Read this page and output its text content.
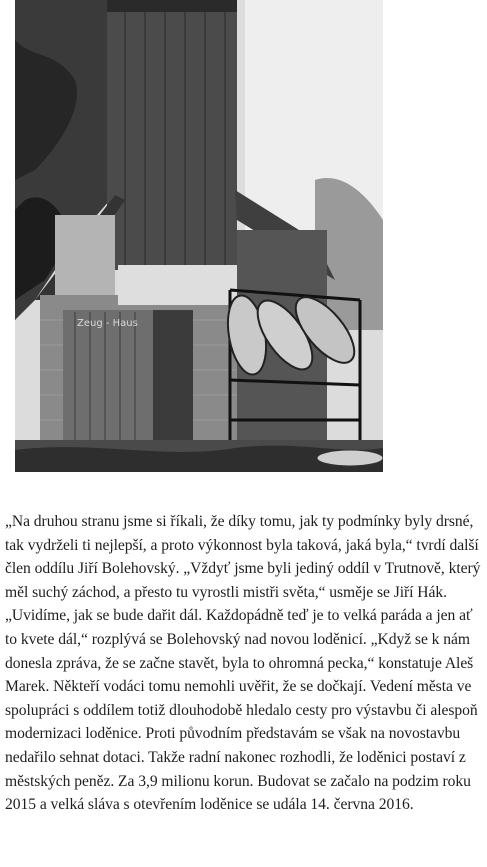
Zeug - Haus

„Na druhou stranu jsme si říkali, že díky tomu, jak ty podmínky byly drsné, tak vydrželi ti nejlepší, a proto výkonnost byla taková, jaká byla,“ tvrdí další člen oddílu Jiří Bolehovský. „Vždyť jsme byli jediný oddíl v Trutnově, který měl suchý záchod, a přesto tu vyrostli mistři světa,“ usměje se Jiří Hák. „Uvidíme, jak se bude dařit dál. Každopádně teď je to velká paráda a jen ať to kvete dál,“ rozplývá se Bolehovský nad novou loděnicí. „Když se k nám donesla zpráva, že se začne stavět, byla to ohromná pecka,“ konstatuje Aleš Marek. Někteří vodáci tomu nemohli uvěřit, že se dočkají. Vedení města ve spolupráci s oddílem totiž dlouhodobě hledalo cesty pro výstavbu či alespoň modernizaci loděnice. Proti původním představám se však na novostavbu nedařilo sehnat dotaci. Takže radní nakonec rozhodli, že loděnici postaví z městských peněz. Za 3,9 milionu korun. Budovat se začalo na podzim roku 2015 a velká sláva s otevřením loděnice se udála 14. června 2016.
